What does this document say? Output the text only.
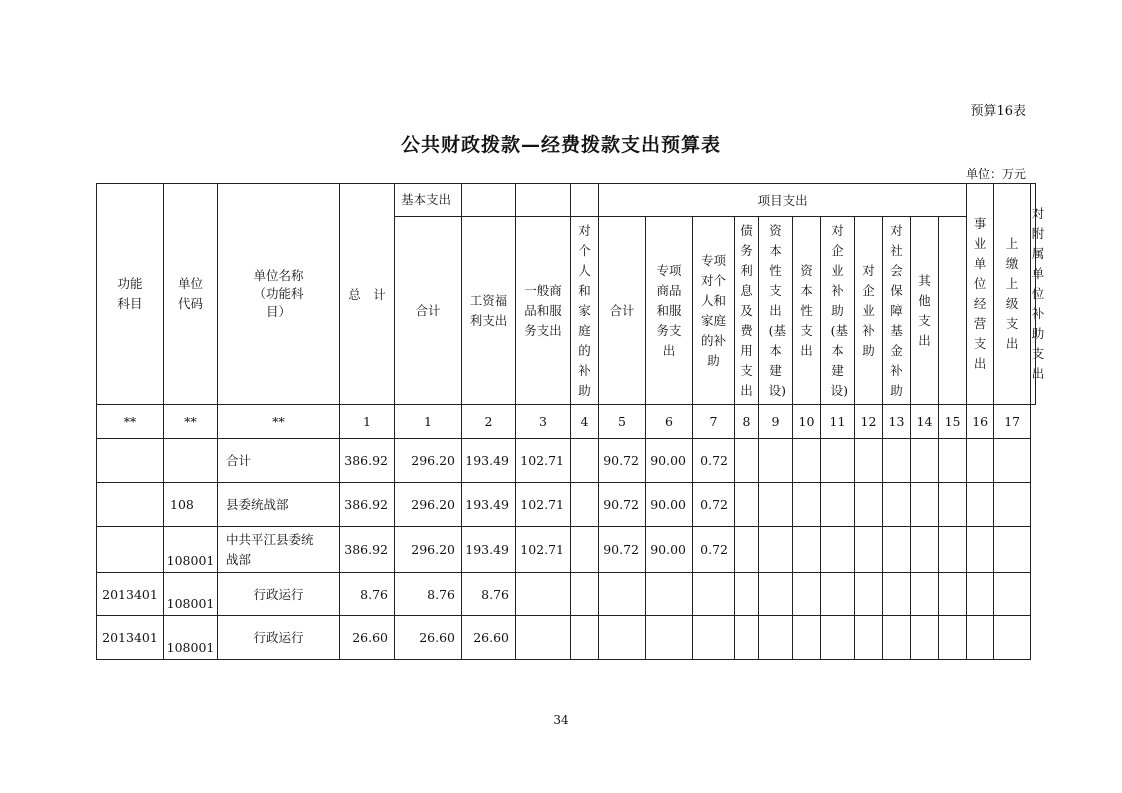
预算16表
公共财政拨款—经费拨款支出预算表
单位：万元
功能科目	单位代码	单位名称（功能科目）	总　计	基本支出				项目支出											事业单位经营支出	上缴上级支出	对附属单位补助支出
				合计	工资福利支出	一般商品和服务支出	对个人和家庭的补助	合计	专项商品和服务支出	专项对个人和家庭的补助	债务利息及费用支出	资本性支出(基本建设)	资本性支出	对企业补助(基本建设)	对企业补助	对社会保障基金补助	其他支出				
**	**	**	1	1	2	3	4	5	6	7	8	9	10	11	12	13	14	15	16	17	
		合计	386.92	296.20	193.49	102.71		90.72	90.00	0.72											
	108	县委统战部	386.92	296.20	193.49	102.71		90.72	90.00	0.72											
	108001	中共平江县委统战部	386.92	296.20	193.49	102.71		90.72	90.00	0.72											
2013401	108001	行政运行	8.76	8.76	8.76																
2013401	108001	行政运行	26.60	26.60	26.60																
34
